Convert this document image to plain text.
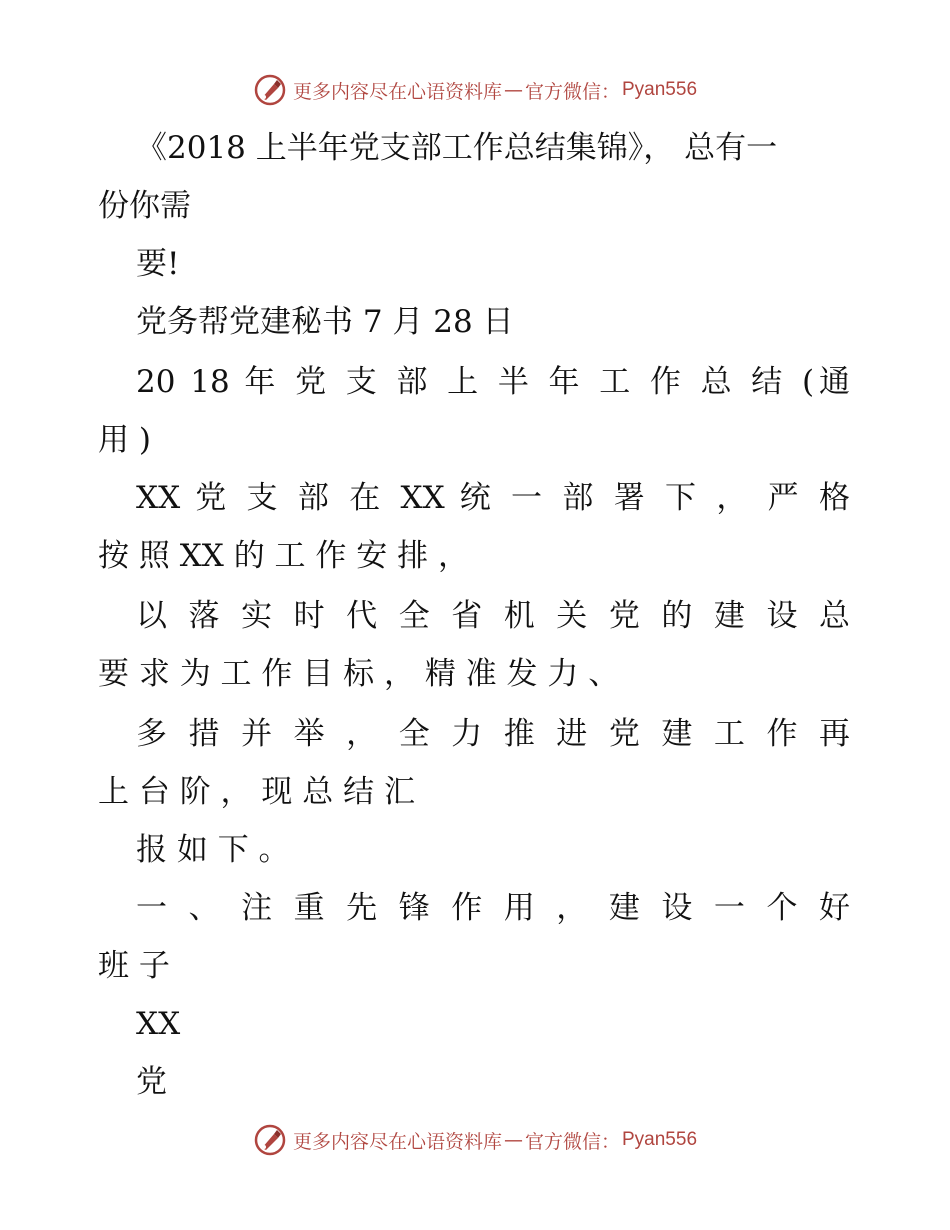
更多内容尽在心语资料库 — 官方微信： Pyan556
《2018 上半年党支部工作总结集锦》， 总有一
份你需
要!
党务帮党建秘书 7 月 28 日
20 18 年 党 支 部 上 半 年 工 作 总 结 (通
用 )
XX 党 支 部 在 XX 统 一 部 署 下 ， 严 格
按 照 XX 的 工 作 安 排 ，
以 落 实 时 代 全 省 机 关 党 的 建 设 总
要 求 为 工 作 目 标 ， 精 准 发 力 、
多 措 并 举 ， 全 力 推 进 党 建 工 作 再
上 台 阶 ， 现 总 结 汇
报 如 下 。
一 、 注 重 先 锋 作 用 ， 建 设 一 个 好
班 子
XX
党
更多内容尽在心语资料库 — 官方微信： Pyan556
